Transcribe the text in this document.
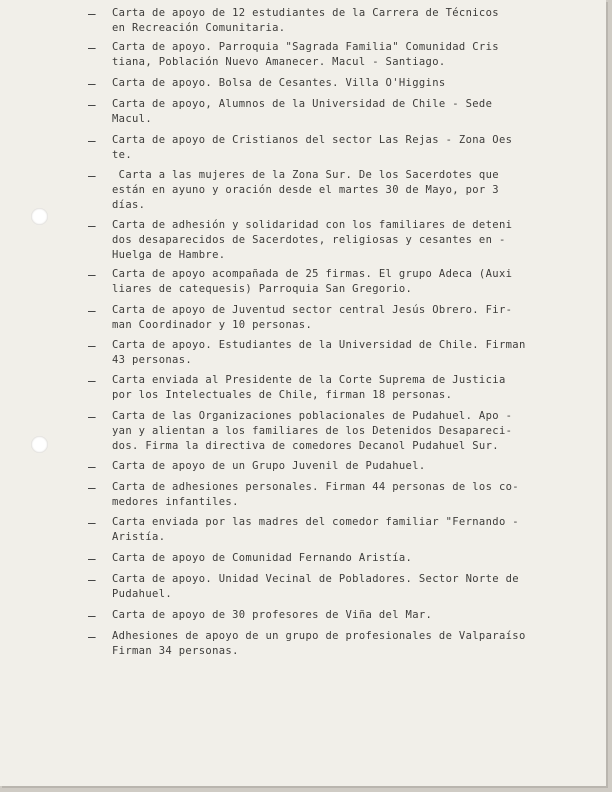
– Carta de apoyo de 12 estudiantes de la Carrera de Técnicos
en Recreación Comunitaria.
– Carta de apoyo. Parroquia "Sagrada Familia" Comunidad Cris
tiana, Población Nuevo Amanecer. Macul - Santiago.
– Carta de apoyo. Bolsa de Cesantes. Villa O'Higgins
– Carta de apoyo, Alumnos de la Universidad de Chile - Sede
Macul.
– Carta de apoyo de Cristianos del sector Las Rejas - Zona Oes
te.
– Carta a las mujeres de la Zona Sur. De los Sacerdotes que
están en ayuno y oración desde el martes 30 de Mayo, por 3
días.
– Carta de adhesión y solidaridad con los familiares de deteni
dos desaparecidos de Sacerdotes, religiosas y cesantes en -
Huelga de Hambre.
– Carta de apoyo acompañada de 25 firmas. El grupo Adeca (Auxi
liares de catequesis) Parroquia San Gregorio.
– Carta de apoyo de Juventud sector central Jesús Obrero. Fir-
man Coordinador y 10 personas.
– Carta de apoyo. Estudiantes de la Universidad de Chile. Firman
43 personas.
– Carta enviada al Presidente de la Corte Suprema de Justicia
por los Intelectuales de Chile, firman 18 personas.
– Carta de las Organizaciones poblacionales de Pudahuel. Apo -
yan y alientan a los familiares de los Detenidos Desapareci-
dos. Firma la directiva de comedores Decanol Pudahuel Sur.
– Carta de apoyo de un Grupo Juvenil de Pudahuel.
– Carta de adhesiones personales. Firman 44 personas de los co-
medores infantiles.
– Carta enviada por las madres del comedor familiar "Fernando -
Aristía.
– Carta de apoyo de Comunidad Fernando Aristía.
– Carta de apoyo. Unidad Vecinal de Pobladores. Sector Norte de
Pudahuel.
– Carta de apoyo de 30 profesores de Viña del Mar.
– Adhesiones de apoyo de un grupo de profesionales de Valparaíso
Firman 34 personas.
